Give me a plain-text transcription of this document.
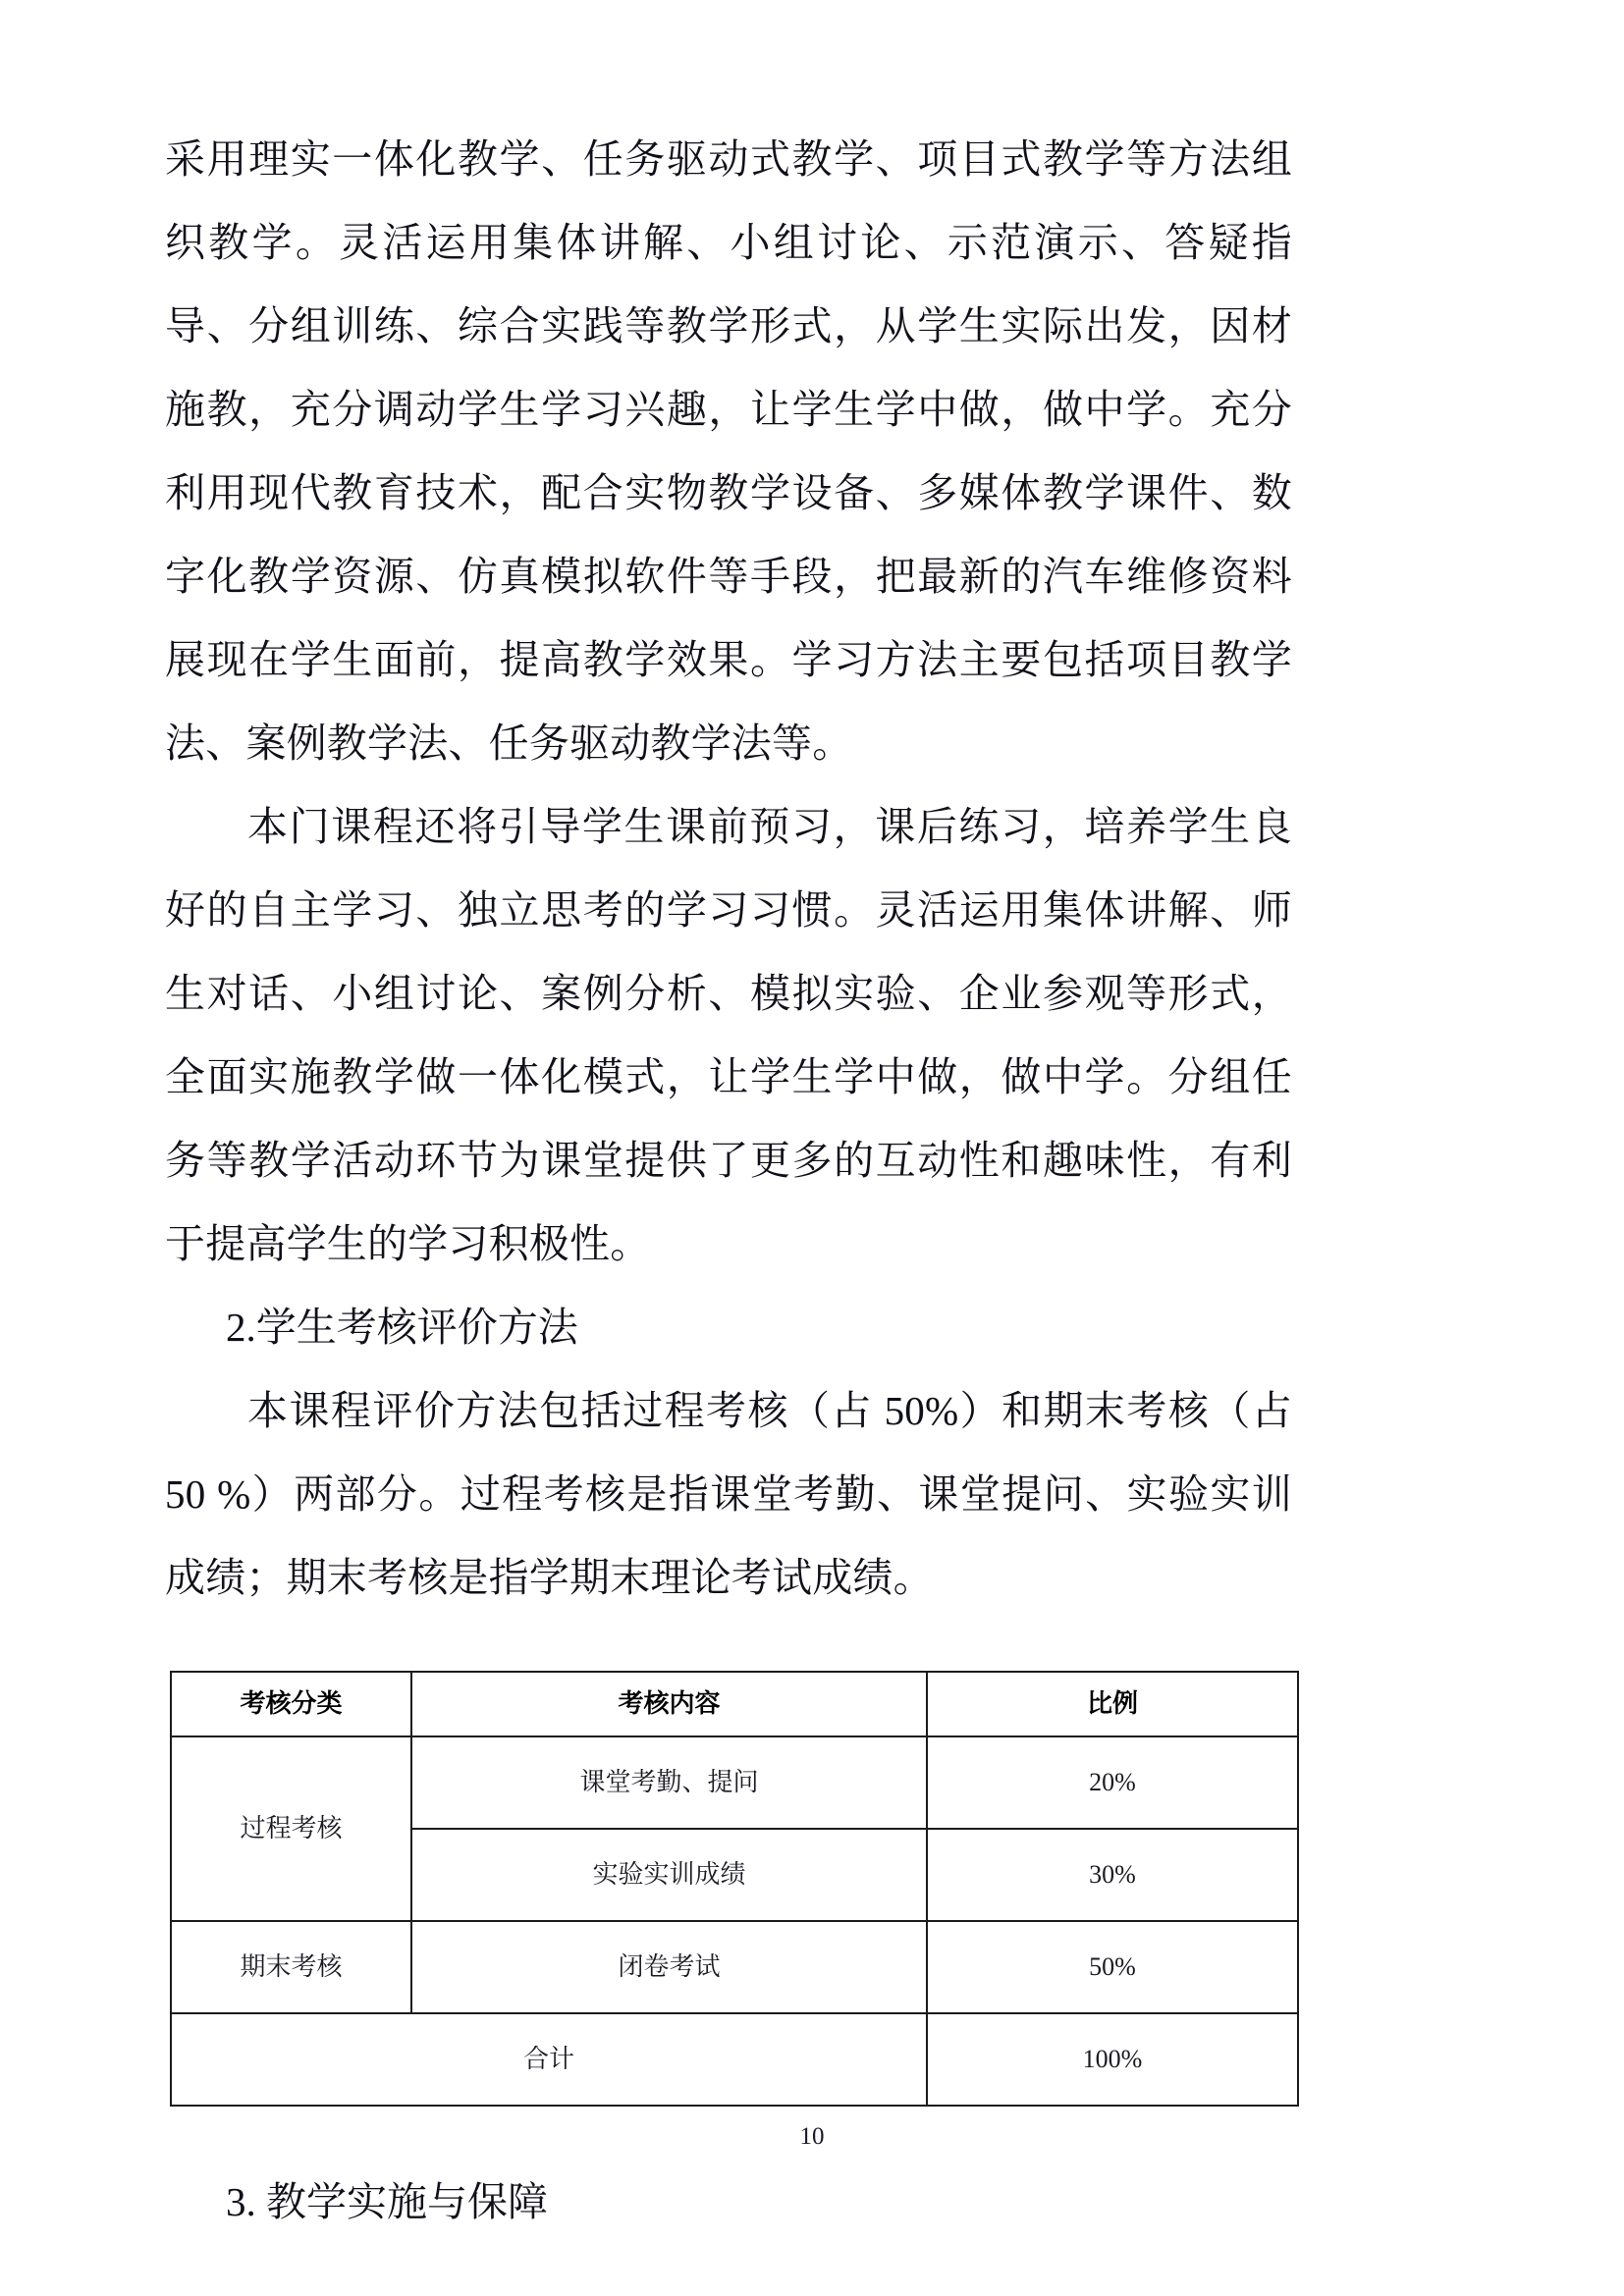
采用理实一体化教学、任务驱动式教学、项目式教学等方法组织教学。灵活运用集体讲解、小组讨论、示范演示、答疑指导、分组训练、综合实践等教学形式，从学生实际出发，因材施教，充分调动学生学习兴趣，让学生学中做，做中学。充分利用现代教育技术，配合实物教学设备、多媒体教学课件、数字化教学资源、仿真模拟软件等手段，把最新的汽车维修资料展现在学生面前，提高教学效果。学习方法主要包括项目教学法、案例教学法、任务驱动教学法等。

本门课程还将引导学生课前预习，课后练习，培养学生良好的自主学习、独立思考的学习习惯。灵活运用集体讲解、师生对话、小组讨论、案例分析、模拟实验、企业参观等形式，全面实施教学做一体化模式，让学生学中做，做中学。分组任务等教学活动环节为课堂提供了更多的互动性和趣味性，有利于提高学生的学习积极性。

2.学生考核评价方法

本课程评价方法包括过程考核（占 50%）和期末考核（占 50 %）两部分。过程考核是指课堂考勤、课堂提问、实验实训成绩；期末考核是指学期末理论考试成绩。

考核分类	考核内容	比例
过程考核	课堂考勤、提问	20%
	实验实训成绩	30%
期末考核	闭卷考试	50%
合计		100%

3. 教学实施与保障

10
